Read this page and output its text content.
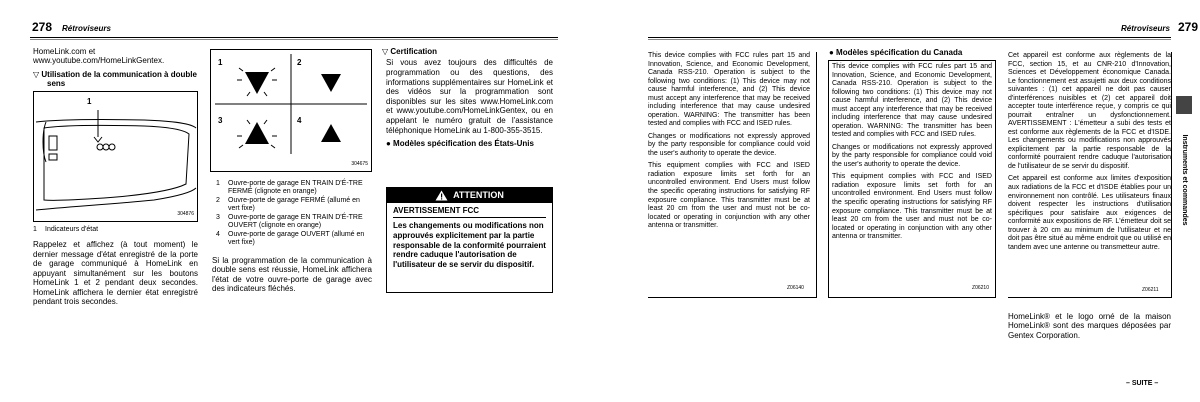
278 Rétroviseurs
HomeLink.com et www.youtube.com/HomeLinkGentex.
▽ Utilisation de la communication à double sens
1
304876
1	Indicateurs d'état
Rappelez et affichez (à tout moment) le dernier message d'état enregistré de la porte de garage communiqué à HomeLink en appuyant simultanément sur les boutons HomeLink 1 et 2 pendant deux secondes. HomeLink affichera le dernier état enregistré pendant trois secondes.
1	2
3	4
304675
1	Ouvre-porte de garage EN TRAIN D'É-TRE FERMÉ (clignote en orange)
2	Ouvre-porte de garage FERMÉ (allumé en vert fixe)
3	Ouvre-porte de garage EN TRAIN D'É-TRE OUVERT (clignote en orange)
4	Ouvre-porte de garage OUVERT (allumé en vert fixe)
Si la programmation de la communication à double sens est réussie, HomeLink affichera l'état de votre ouvre-porte de garage avec des indicateurs fléchés.
▽ Certification
Si vous avez toujours des difficultés de programmation ou des questions, des informations supplémentaires sur HomeLink et des vidéos sur la programmation sont disponibles sur les sites www.HomeLink.com et www.youtube.com/HomeLinkGentex, ou en appelant le numéro gratuit de l'assistance téléphonique HomeLink au 1-800-355-3515.
● Modèles spécification des États-Unis
ATTENTION
AVERTISSEMENT FCC
Les changements ou modifications non approuvés explicitement par la partie responsable de la conformité pourraient rendre caduque l'autorisation de l'utilisateur de se servir du dispositif.
Rétroviseurs 279
Instruments et commandes

This device complies with FCC rules part 15 and Innovation, Science, and Economic Development, Canada RSS-210. Operation is subject to the following two conditions: (1) This device may not cause harmful interference, and (2) This device must accept any interference that may be received including interference that may cause undesired operation. WARNING: The transmitter has been tested and complies with FCC and ISED rules.

Changes or modifications not expressly approved by the party responsible for compliance could void the user's authority to operate the device.

This equipment complies with FCC and ISED radiation exposure limits set forth for an uncontrolled environment. End Users must follow the specific operating instructions for satisfying RF exposure compliance. This transmitter must be at least 20 cm from the user and must not be co-located or operating in conjunction with any other antenna or transmitter.

Z06140
● Modèles spécification du Canada

This device complies with FCC rules part 15 and Innovation, Science, and Economic Development, Canada RSS-210. Operation is subject to the following two conditions: (1) This device may not cause harmful interference, and (2) This device must accept any interference that may be received including interference that may cause undesired operation. WARNING: The transmitter has been tested and complies with FCC and ISED rules.

Changes or modifications not expressly approved by the party responsible for compliance could void the user's authority to operate the device.

This equipment complies with FCC and ISED radiation exposure limits set forth for an uncontrolled environment. End Users must follow the specific operating instructions for satisfying RF exposure compliance. This transmitter must be at least 20 cm from the user and must not be co-located or operating in conjunction with any other antenna or transmitter.

Z06210

Cet appareil est conforme aux règlements de la FCC, section 15, et au CNR-210 d'Innovation, Sciences et Développement économique Canada. Le fonctionnement est assujetti aux deux conditions suivantes : (1) cet appareil ne doit pas causer d'interférences nuisibles et (2) cet appareil doit accepter toute interférence reçue, y compris ce qui pourrait entraîner un dysfonctionnement. AVERTISSEMENT : L'émetteur a subi des tests et est conforme aux règlements de la FCC et d'ISDE. Les changements ou modifications non approuvés explicitement par la partie responsable de la conformité pourraient rendre caduque l'autorisation de l'utilisateur de se servir du dispositif.

Cet appareil est conforme aux limites d'exposition aux radiations de la FCC et d'ISDE établies pour un environnement non contrôlé. Les utilisateurs finaux doivent respecter les instructions d'utilisation spécifiques pour satisfaire aux exigences de conformité aux expositions de RF. L'émetteur doit se trouver à 20 cm au minimum de l'utilisateur et ne doit pas être situé au même endroit que ou utilisé en tandem avec une antenne ou transmetteur autre.

Z06211
HomeLink® et le logo orné de la maison HomeLink® sont des marques déposées par Gentex Corporation.
– SUITE –
